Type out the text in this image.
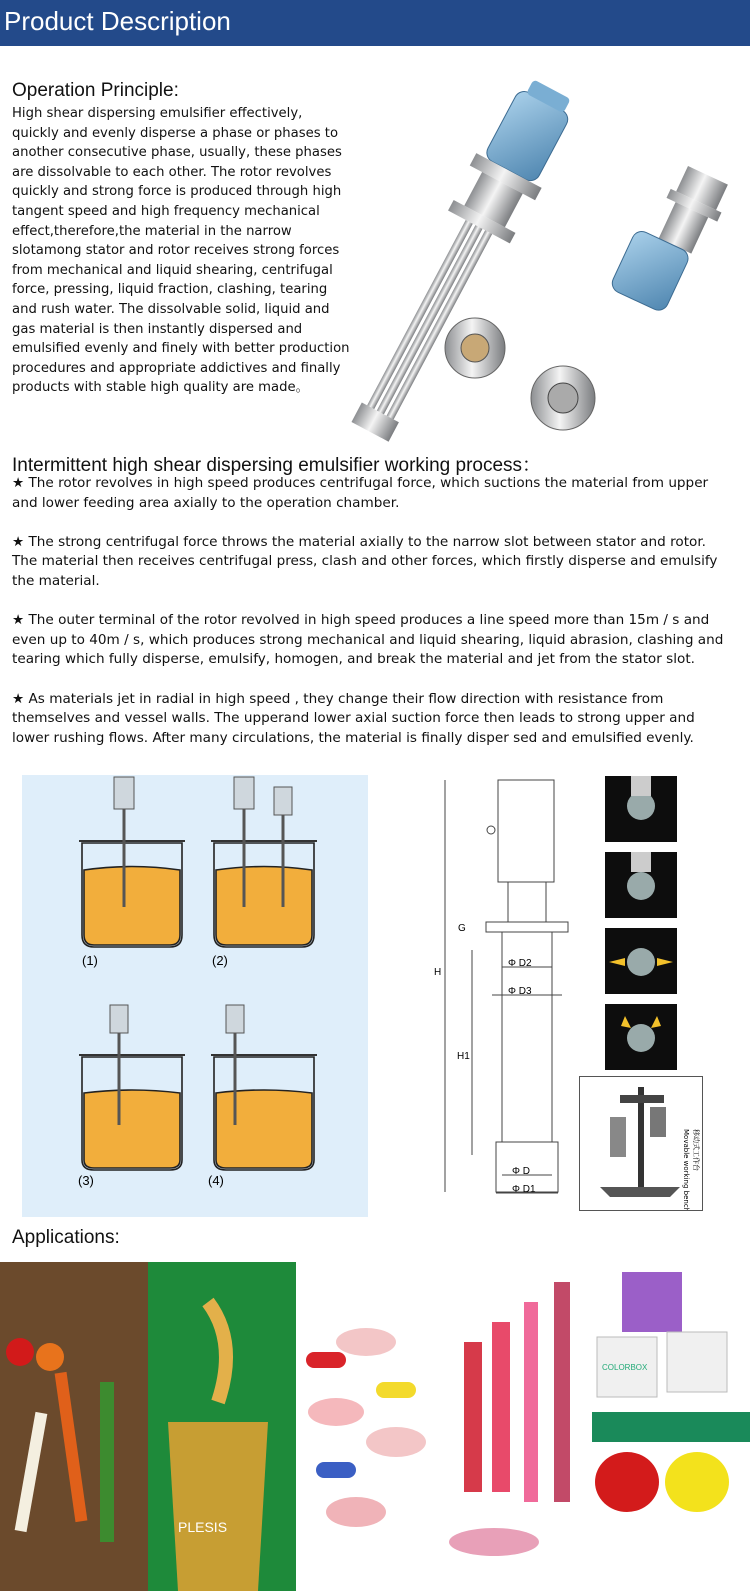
Product Description
Operation Principle:
High shear dispersing emulsifier effectively, quickly and evenly disperse a phase or phases to another consecutive phase, usually, these phases are dissolvable to each other. The rotor revolves quickly and strong force is produced through high tangent speed and high frequency mechanical effect,therefore,the material in the narrow slotamong stator and rotor receives strong forces from mechanical and liquid shearing, centrifugal force, pressing, liquid fraction, clashing, tearing and rush water. The dissolvable solid, liquid and gas material is then instantly dispersed and emulsified evenly and finely with better production procedures and appropriate addictives and finally products with stable high quality are made。
Intermittent high shear dispersing emulsifier working process：

★ The rotor revolves in high speed produces centrifugal force, which suctions the material from upper and lower feeding area axially to the operation chamber.

★ The strong centrifugal force throws the material axially to the narrow slot between stator and rotor. The material then receives centrifugal press, clash and other forces, which firstly disperse and emulsify the material.

★ The outer terminal of the rotor revolved in high speed produces a line speed more than 15m / s and even up to 40m / s, which produces strong mechanical and liquid shearing, liquid abrasion, clashing and tearing which fully disperse, emulsify, homogen, and break the material and jet from the stator slot.

★ As materials jet in radial in high speed , they change their flow direction with resistance from themselves and vessel walls. The upperand lower axial suction force then leads to strong upper and lower rushing flows. After many circulations, the material is finally disper sed and emulsified evenly.

(1)	(2)
(3)	(4)
H
H1
G
Φ D2
Φ D3
Φ D
Φ D1	Movable working bench 移动式工作台
Applications:
PLESIS
COLORBOX
